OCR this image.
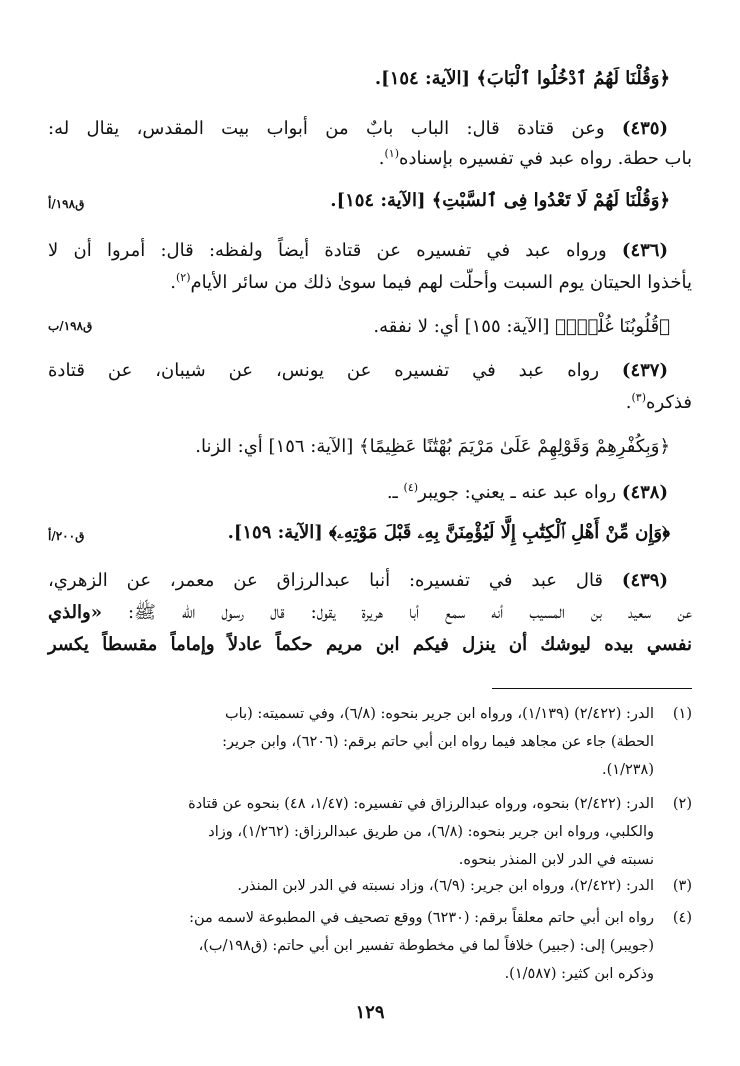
﴿وَقُلْنَا لَهُمُ ٱدْخُلُوا ٱلْبَابَ﴾ [الآية: ١٥٤].
(٤٣٥) وعن قتادة قال: الباب بابٌ من أبواب بيت المقدس، يقال له:
باب حطة. رواه عبد في تفسيره بإسناده$^{(١)}$.
﴿وَقُلْنَا لَهُمْ لَا تَعْدُوا فِى ٱلسَّبْتِ﴾ [الآية: ١٥٤].
ق١٩٨/أ
(٤٣٦) ورواه عبد في تفسيره عن قتادة أيضاً ولفظه: قال: أمروا أن لا
يأخذوا الحيتان يوم السبت وأحلّت لهم فيما سوىٰ ذلك من سائر الأيام$^{(٢)}$.
﴿قُلُوبُنَا غُلْفٌۢ﴾ [الآية: ١٥٥] أي: لا نفقه.
ق١٩٨/ب
(٤٣٧) رواه عبد في تفسيره عن يونس، عن شيبان، عن قتادة
فذكره$^{(٣)}$.
﴿وَبِكُفْرِهِمْ وَقَوْلِهِمْ عَلَىٰ مَرْيَمَ بُهْتَٰنًا عَظِيمًا﴾ [الآية: ١٥٦] أي: الزنا.
(٤٣٨) رواه عبد عنه ـ يعني: جويبر$^{(٤)}$ ـ.
﴿وَإِن مِّنْ أَهْلِ ٱلْكِتَٰبِ إِلَّا لَيُؤْمِنَنَّ بِهِۦ قَبْلَ مَوْتِهِۦ﴾ [الآية: ١٥٩].
ق٢٠٠/أ
(٤٣٩) قال عبد في تفسيره: أنبا عبدالرزاق عن معمر، عن الزهري،
عن سعيد بن المسيب أنه سمع أبا هريرة يقول: قال رسول الله ﷺ: «والذي
نفسي بيده ليوشك أن ينزل فيكم ابن مريم حكماً عادلاً وإماماً مقسطاً يكسر
(١)
الدر: (٢/٤٢٢) (١/١٣٩)، ورواه ابن جرير بنحوه: (٦/٨)، وفي تسميته: (باب
الحطة) جاء عن مجاهد فيما رواه ابن أبي حاتم برقم: (٦٢٠٦)، وابن جرير:
(١/٢٣٨).
(٢)
الدر: (٢/٤٢٢) بنحوه، ورواه عبدالرزاق في تفسيره: (١/٤٧، ٤٨) بنحوه عن قتادة
والكلبي، ورواه ابن جرير بنحوه: (٦/٨)، من طريق عبدالرزاق: (١/٢٦٢)، وزاد
نسبته في الدر لابن المنذر بنحوه.
(٣)
الدر: (٢/٤٢٢)، ورواه ابن جرير: (٦/٩)، وزاد نسبته في الدر لابن المنذر.
(٤)
رواه ابن أبي حاتم معلقاً برقم: (٦٢٣٠) ووقع تصحيف في المطبوعة لاسمه من:
(جويبر) إلى: (جبير) خلافاً لما في مخطوطة تفسير ابن أبي حاتم: (ق١٩٨/ب)،
وذكره ابن كثير: (١/٥٨٧).
١٢٩
